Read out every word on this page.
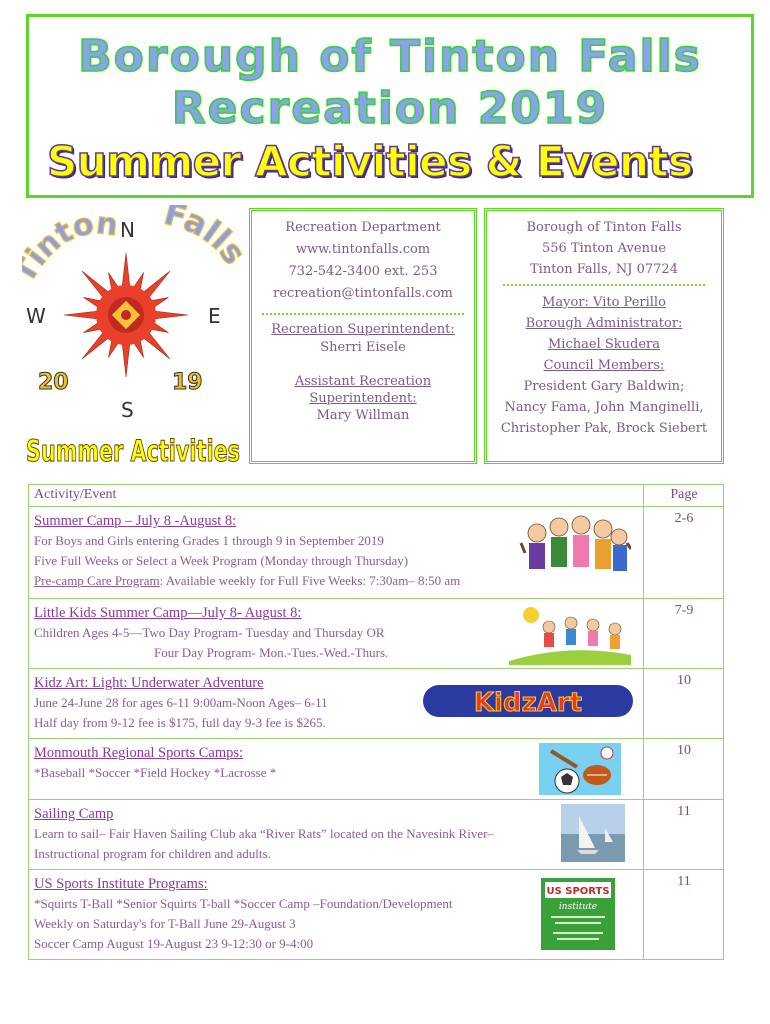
Borough of Tinton Falls
Recreation 2019
Summer Activities & Events
inton Falls
N
W	E
S
20	19
Summer Activities
Recreation Department
www.tintonfalls.com
732-542-3400 ext. 253
recreation@tintonfalls.com
Recreation Superintendent:
Sherri Eisele
Assistant Recreation
Superintendent:
Mary Willman
Borough of Tinton Falls
556 Tinton Avenue
Tinton Falls, NJ 07724
Mayor: Vito Perillo
Borough Administrator:
Michael Skudera
Council Members:
President Gary Baldwin;
Nancy Fama, John Manginelli,
Christopher Pak, Brock Siebert
Activity/Event	Page
Summer Camp – July 8 -August 8:
For Boys and Girls entering Grades 1 through 9 in September 2019
Five Full Weeks or Select a Week Program (Monday through Thursday)
Pre-camp Care Program: Available weekly for Full Five Weeks: 7:30am– 8:50 am
2-6
Little Kids Summer Camp—July 8- August 8:
Children Ages 4-5—Two Day Program- Tuesday and Thursday OR
Four Day Program- Mon.-Tues.-Wed.-Thurs.
7-9
Kidz Art: Light: Underwater Adventure
June 24-June 28 for ages 6-11 9:00am-Noon Ages– 6-11
Half day from 9-12 fee is $175, full day 9-3 fee is $265.
10
KidzArt
Monmouth Regional Sports Camps:
*Baseball *Soccer *Field Hockey *Lacrosse *
10
Sailing Camp
Learn to sail– Fair Haven Sailing Club aka “River Rats” located on the Navesink River–
Instructional program for children and adults.
11
US Sports Institute Programs:
*Squirts T-Ball *Senior Squirts T-ball *Soccer Camp –Foundation/Development
Weekly on Saturday's for T-Ball June 29-August 3
Soccer Camp August 19-August 23 9-12:30 or 9-4:00
11
US SPORTS
institute
